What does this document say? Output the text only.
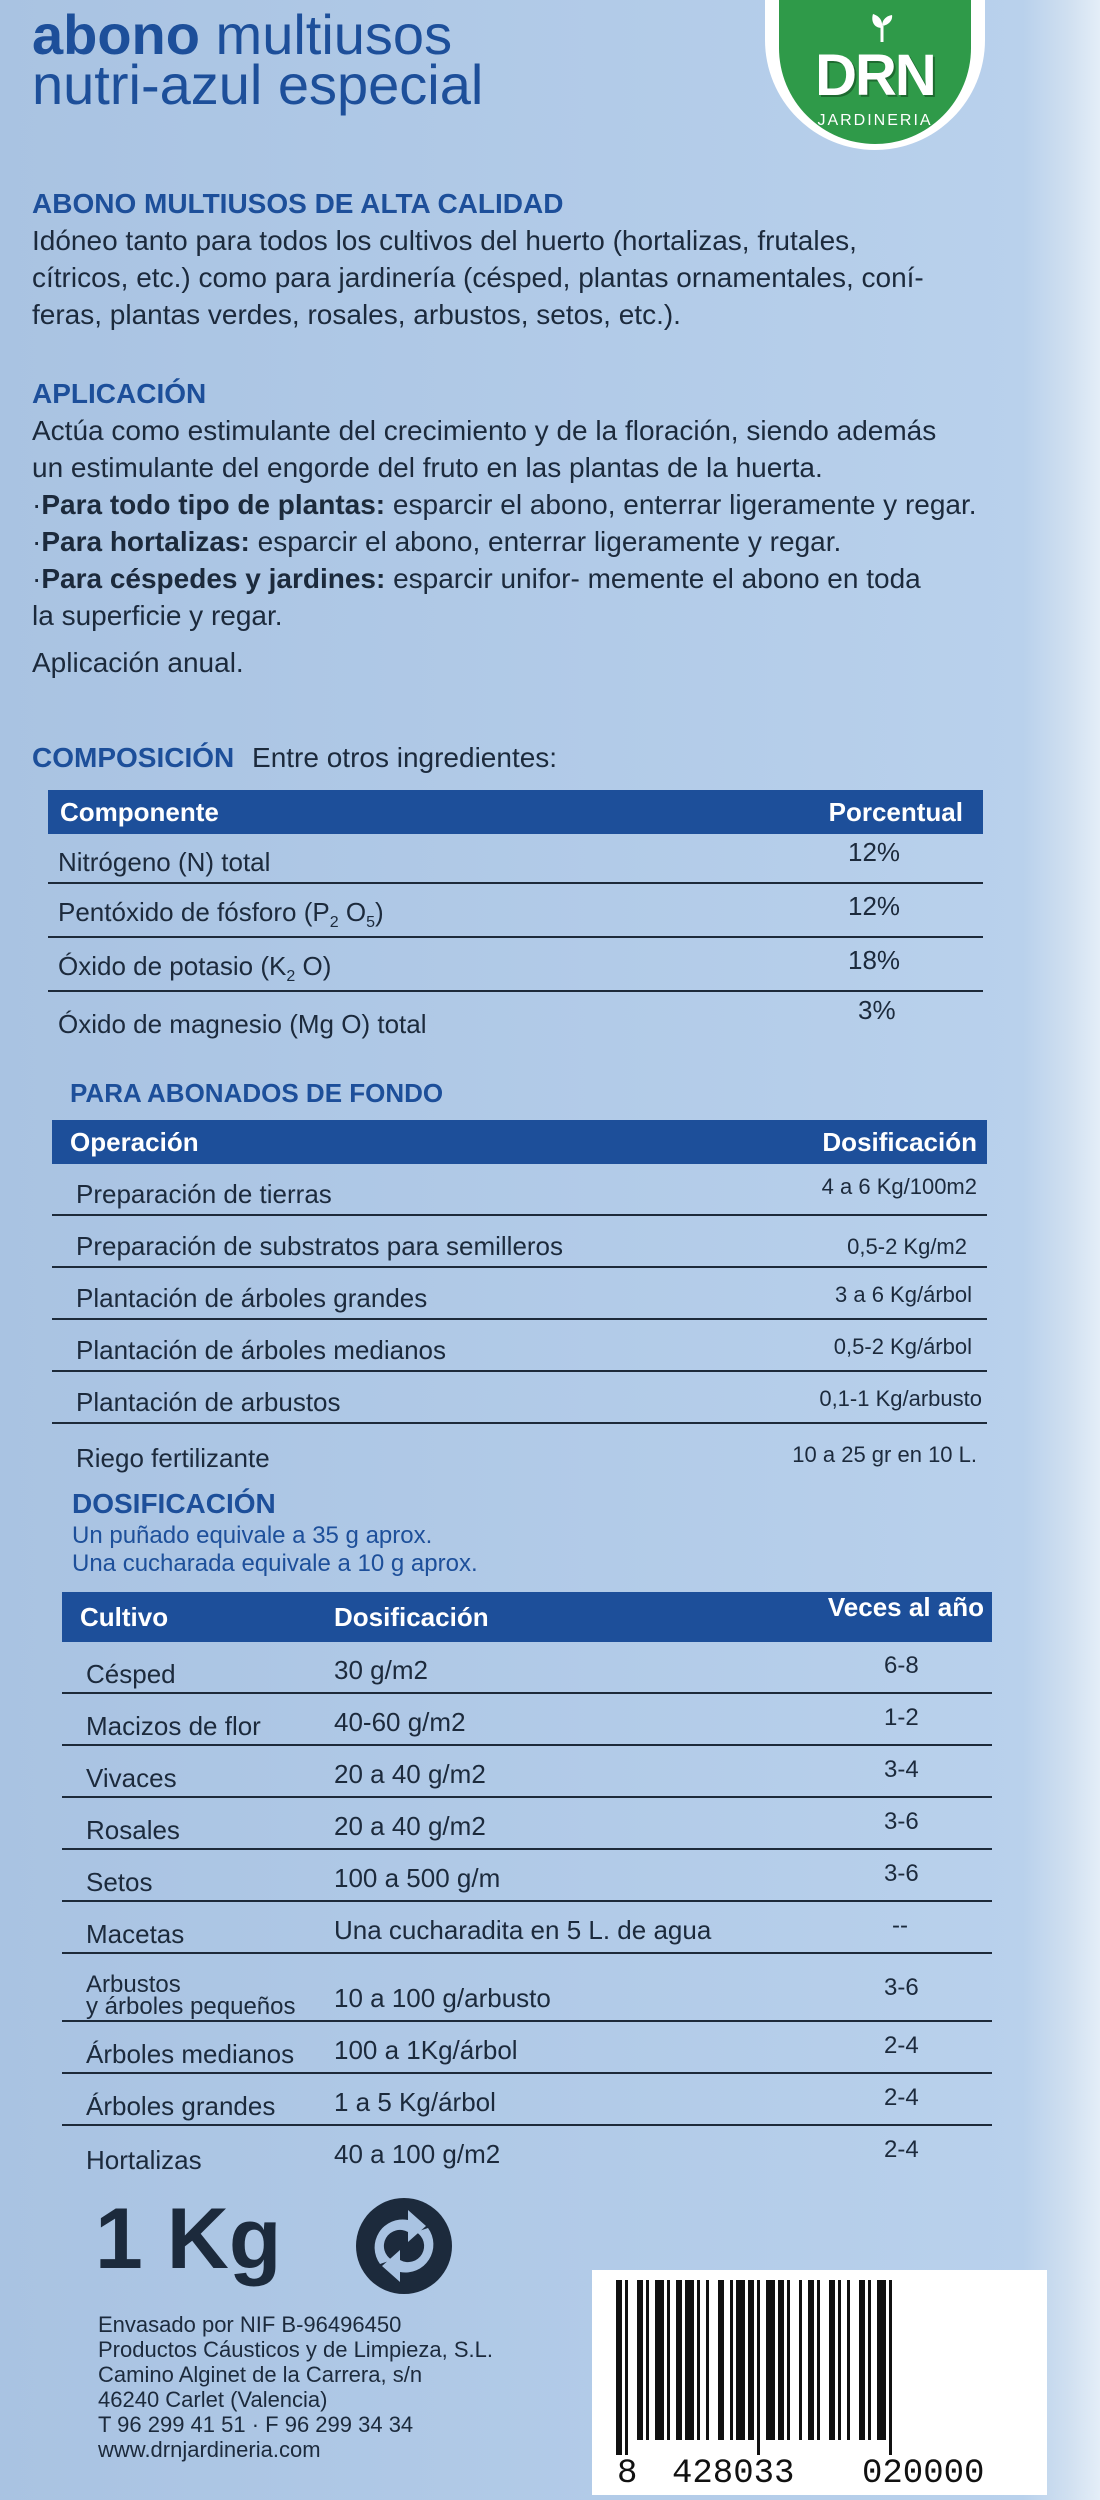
abono multiusos
nutri-azul especial	DRN
JARDINERIA
ABONO MULTIUSOS DE ALTA CALIDAD
Idóneo tanto para todos los cultivos del huerto (hortalizas, frutales,
cítricos, etc.) como para jardinería (césped, plantas ornamentales, coní-
feras, plantas verdes, rosales, arbustos, setos, etc.).
APLICACIÓN
Actúa como estimulante del crecimiento y de la floración, siendo además
un estimulante del engorde del fruto en las plantas de la huerta.
·Para todo tipo de plantas: esparcir el abono, enterrar ligeramente y regar.
·Para hortalizas: esparcir el abono, enterrar ligeramente y regar.
·Para céspedes y jardines: esparcir unifor- memente el abono en toda
la superficie y regar.
Aplicación anual.
COMPOSICIÓN Entre otros ingredientes:
Componente	Porcentual
Nitrógeno (N) total	12%
Pentóxido de fósforo ($P_2$ $O_5$)	12%
Óxido de potasio ($K_2$ O)	18%
Óxido de magnesio (Mg O) total	3%
PARA ABONADOS DE FONDO
Operación	Dosificación
Preparación de tierras	4 a 6 Kg/100m2
Preparación de substratos para semilleros	0,5-2 Kg/m2
Plantación de árboles grandes	3 a 6 Kg/árbol
Plantación de árboles medianos	0,5-2 Kg/árbol
Plantación de arbustos	0,1-1 Kg/arbusto
Riego fertilizante	10 a 25 gr en 10 L.
DOSIFICACIÓN
Un puñado equivale a 35 g aprox.
Una cucharada equivale a 10 g aprox.
Cultivo	Dosificación	Veces al año
Césped	30 g/m2	6-8
Macizos de flor	40-60 g/m2	1-2
Vivaces	20 a 40 g/m2	3-4
Rosales	20 a 40 g/m2	3-6
Setos	100 a 500 g/m	3-6
Macetas	Una cucharadita en 5 L. de agua	--
Arbustos
y árboles pequeños 10 a 100 g/arbusto	3-6
Árboles medianos 100 a 1Kg/árbol	2-4
Árboles grandes 1 a 5 Kg/árbol	2-4
Hortalizas	40 a 100 g/m2	2-4
1 Kg
Envasado por NIF B-96496450
Productos Cáusticos y de Limpieza, S.L.
Camino Alginet de la Carrera, s/n
46240 Carlet (Valencia)
T 96 299 41 51 · F 96 299 34 34
www.drnjardineria.com
8 428033 020000
